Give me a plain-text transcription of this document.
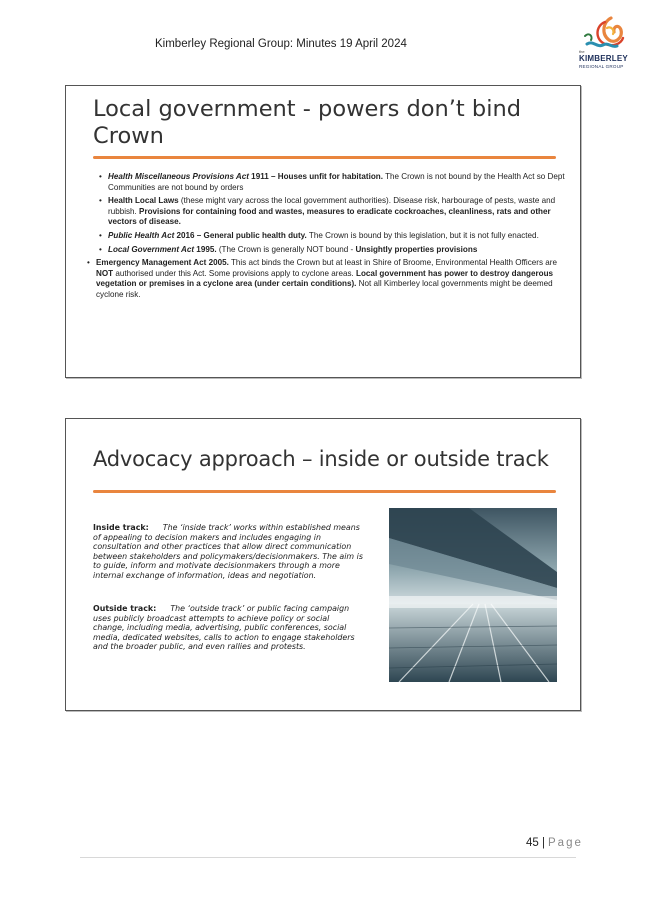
Kimberley Regional Group: Minutes 19 April 2024
the
KIMBERLEY
REGIONAL GROUP
Local government - powers don’t bind Crown
• Health Miscellaneous Provisions Act 1911 – Houses unfit for habitation. The Crown is not bound by the Health Act so Dept Communities are not bound by orders
• Health Local Laws (these might vary across the local government authorities). Disease risk, harbourage of pests, waste and rubbish. Provisions for containing food and wastes, measures to eradicate cockroaches, cleanliness, rats and other vectors of disease.
• Public Health Act 2016 – General public health duty. The Crown is bound by this legislation, but it is not fully enacted.
• Local Government Act 1995. (The Crown is generally NOT bound - Unsightly properties provisions
• Emergency Management Act 2005. This act binds the Crown but at least in Shire of Broome, Environmental Health Officers are NOT authorised under this Act. Some provisions apply to cyclone areas. Local government has power to destroy dangerous vegetation or premises in a cyclone area (under certain conditions). Not all Kimberley local governments might be deemed cyclone risk.
Advocacy approach – inside or outside track
Inside track: The ‘inside track’ works within established means of appealing to decision makers and includes engaging in consultation and other practices that allow direct communication between stakeholders and policymakers/decisionmakers. The aim is to guide, inform and motivate decisionmakers through a more internal exchange of information, ideas and negotiation.
Outside track: The ‘outside track’ or public facing campaign uses publicly broadcast attempts to achieve policy or social change, including media, advertising, public conferences, social media, dedicated websites, calls to action to engage stakeholders and the broader public, and even rallies and protests.
45 | Page
